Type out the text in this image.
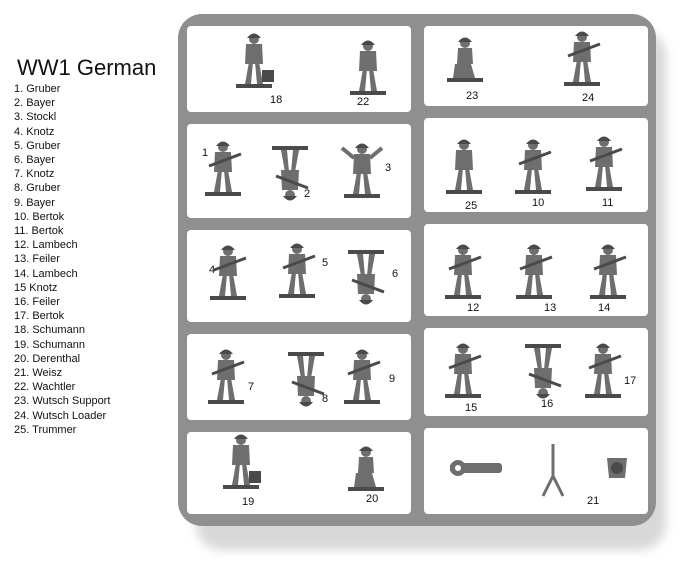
WW1 German
1. Gruber
2. Bayer
3. Stockl
4. Knotz
5. Gruber
6. Bayer
7. Knotz
8. Gruber
9. Bayer
10. Bertok
11. Bertok
12. Lambech
13. Feiler
14. Lambech
15 Knotz
16. Feiler
17. Bertok
18. Schumann
19. Schumann
20. Derenthal
21. Weisz
22. Wachtler
23. Wutsch Support
24. Wutsch Loader
25. Trummer
18	22	23	24
1
2
3
25	10	11
4
5
6
12	13	14
7
8
9
15	16
17
19	20	21
